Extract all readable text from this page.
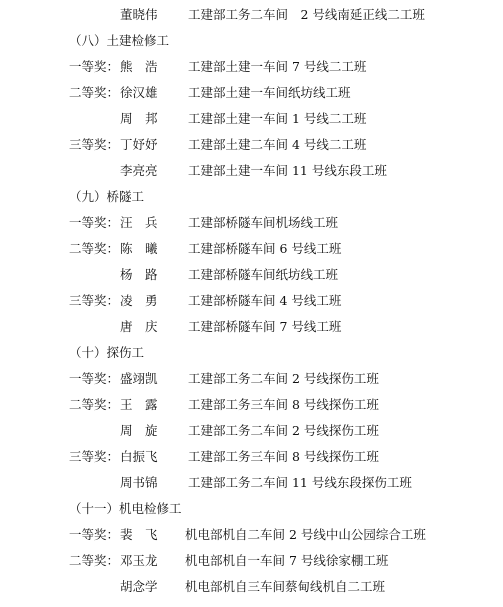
董晓伟	工建部工务二车间　2 号线南延正线二工班
（八）土建检修工
一等奖： 熊　浩	工建部土建一车间 7 号线二工班
二等奖： 徐汉雄	工建部土建一车间纸坊线工班
周　邦	工建部土建一车间 1 号线二工班
三等奖： 丁妤妤	工建部土建二车间 4 号线二工班
李亮亮	工建部土建一车间 11 号线东段工班
（九）桥隧工
一等奖： 汪　兵	工建部桥隧车间机场线工班
二等奖： 陈　曦	工建部桥隧车间 6 号线工班
杨　路	工建部桥隧车间纸坊线工班
三等奖： 凌　勇	工建部桥隧车间 4 号线工班
唐　庆	工建部桥隧车间 7 号线工班
（十）探伤工
一等奖： 盛翊凯	工建部工务二车间 2 号线探伤工班
二等奖： 王　露	工建部工务三车间 8 号线探伤工班
周　旋	工建部工务二车间 2 号线探伤工班
三等奖： 白振飞	工建部工务三车间 8 号线探伤工班
周书锦	工建部工务二车间 11 号线东段探伤工班
（十一）机电检修工
一等奖： 裴　飞	机电部机自二车间 2 号线中山公园综合工班
二等奖： 邓玉龙	机电部机自一车间 7 号线徐家棚工班
胡念学	机电部机自三车间蔡甸线机自二工班
